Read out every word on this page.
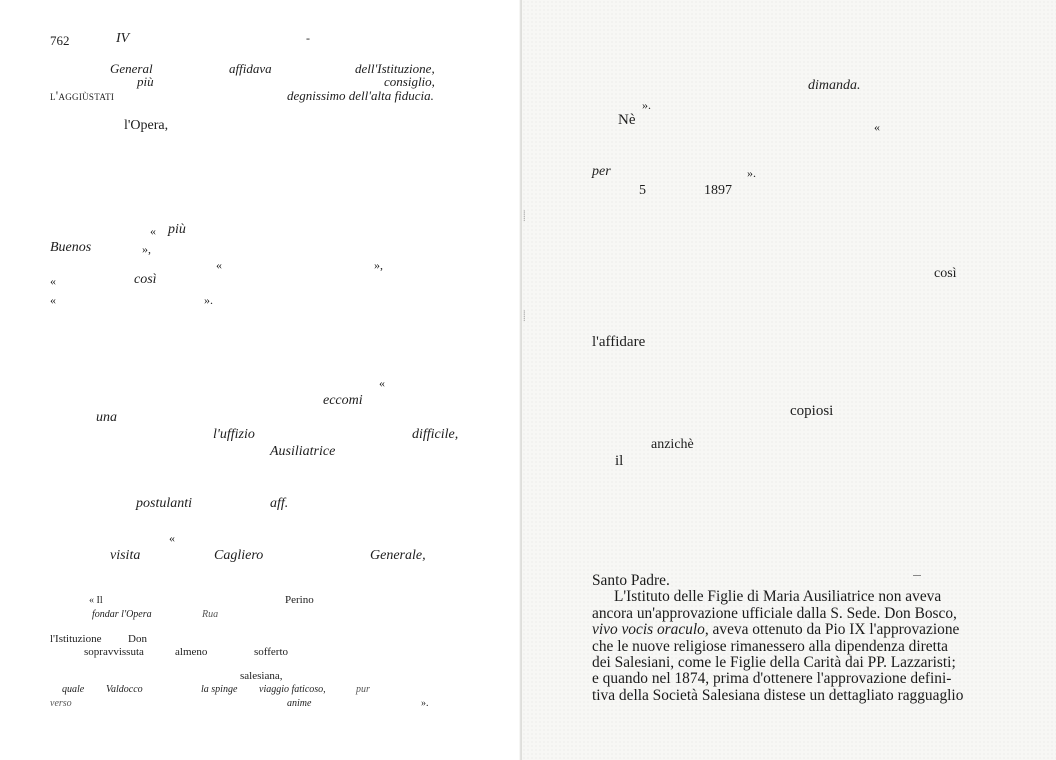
762	IV	-
General	affidava	dell'Istituzione,
più	consiglio,
l'aggiùstati	degnissimo dell'alta fiducia.
l'Opera,
« più
Buenos	»,
«	»,
«	così
«	».
«
eccomi
una
l'uffizio	difficile,
Ausiliatrice
postulanti	aff.
«
visita	Cagliero	Generale,
« Il	Perino
fondar l'Opera	Rua
l'Istituzione Don
sopravvissuta	almeno	sofferto
salesiana,
quale Valdocco	la spinge viaggio faticoso,	pur
verso	anime	».
dimanda.
».
Nè	«
per	».
5	1897
così
l'affidare
copiosi
anzichè
il
⸽
⸽

Santo Padre.

L'Istituto delle Figlie di Maria Ausiliatrice non aveva

ancora un'approvazione ufficiale dalla S. Sede. Don Bosco,

vivo vocis oraculo, aveva ottenuto da Pio IX l'approvazione

che le nuove religiose rimanessero alla dipendenza diretta

dei Salesiani, come le Figlie della Carità dai PP. Lazzaristi;

e quando nel 1874, prima d'ottenere l'approvazione defini-

tiva della Società Salesiana distese un dettagliato ragguaglio
